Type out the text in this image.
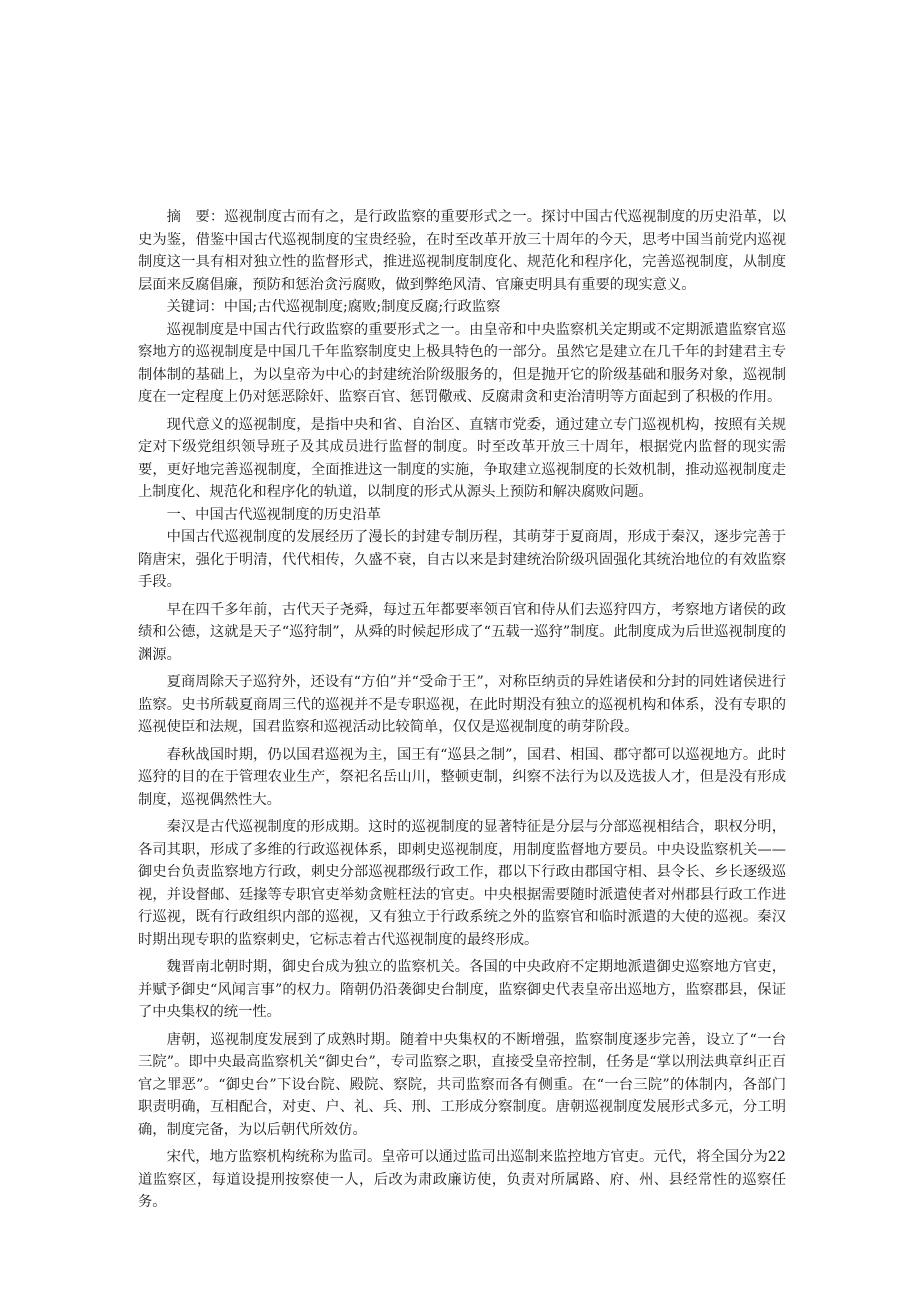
摘　要：巡视制度古而有之，是行政监察的重要形式之一。探讨中国古代巡视制度的历史沿革，以史为鉴，借鉴中国古代巡视制度的宝贵经验，在时至改革开放三十周年的今天，思考中国当前党内巡视制度这一具有相对独立性的监督形式，推进巡视制度制度化、规范化和程序化，完善巡视制度，从制度层面来反腐倡廉，预防和惩治贪污腐败，做到弊绝风清、官廉吏明具有重要的现实意义。

关键词：中国;古代巡视制度;腐败;制度反腐;行政监察

巡视制度是中国古代行政监察的重要形式之一。由皇帝和中央监察机关定期或不定期派遣监察官巡察地方的巡视制度是中国几千年监察制度史上极具特色的一部分。虽然它是建立在几千年的封建君主专制体制的基础上，为以皇帝为中心的封建统治阶级服务的，但是抛开它的阶级基础和服务对象，巡视制度在一定程度上仍对惩恶除奸、监察百官、惩罚儆戒、反腐肃贪和吏治清明等方面起到了积极的作用。

现代意义的巡视制度，是指中央和省、自治区、直辖市党委，通过建立专门巡视机构，按照有关规定对下级党组织领导班子及其成员进行监督的制度。时至改革开放三十周年，根据党内监督的现实需要，更好地完善巡视制度，全面推进这一制度的实施，争取建立巡视制度的长效机制，推动巡视制度走上制度化、规范化和程序化的轨道，以制度的形式从源头上预防和解决腐败问题。

一、中国古代巡视制度的历史沿革

中国古代巡视制度的发展经历了漫长的封建专制历程，其萌芽于夏商周，形成于秦汉，逐步完善于隋唐宋，强化于明清，代代相传，久盛不衰，自古以来是封建统治阶级巩固强化其统治地位的有效监察手段。

早在四千多年前，古代天子尧舜，每过五年都要率领百官和侍从们去巡狩四方，考察地方诸侯的政绩和公德，这就是天子“巡狩制”，从舜的时候起形成了“五载一巡狩”制度。此制度成为后世巡视制度的渊源。

夏商周除天子巡狩外，还设有“方伯”并“受命于王”，对称臣纳贡的异姓诸侯和分封的同姓诸侯进行监察。史书所载夏商周三代的巡视并不是专职巡视，在此时期没有独立的巡视机构和体系，没有专职的巡视使臣和法规，国君监察和巡视活动比较简单，仅仅是巡视制度的萌芽阶段。

春秋战国时期，仍以国君巡视为主，国王有“巡县之制”，国君、相国、郡守都可以巡视地方。此时巡狩的目的在于管理农业生产，祭祀名岳山川，整顿吏制，纠察不法行为以及选拔人才，但是没有形成制度，巡视偶然性大。

秦汉是古代巡视制度的形成期。这时的巡视制度的显著特征是分层与分部巡视相结合，职权分明，各司其职，形成了多维的行政巡视体系，即刺史巡视制度，用制度监督地方要员。中央设监察机关——御史台负责监察地方行政，刺史分部巡视郡级行政工作，郡以下行政由郡国守相、县令长、乡长逐级巡视，并设督邮、廷掾等专职官吏举劾贪赃枉法的官吏。中央根据需要随时派遣使者对州郡县行政工作进行巡视，既有行政组织内部的巡视，又有独立于行政系统之外的监察官和临时派遣的大使的巡视。秦汉时期出现专职的监察刺史，它标志着古代巡视制度的最终形成。

魏晋南北朝时期，御史台成为独立的监察机关。各国的中央政府不定期地派遣御史巡察地方官吏，并赋予御史“风闻言事”的权力。隋朝仍沿袭御史台制度，监察御史代表皇帝出巡地方，监察郡县，保证了中央集权的统一性。

唐朝，巡视制度发展到了成熟时期。随着中央集权的不断增强，监察制度逐步完善，设立了“一台三院”。即中央最高监察机关“御史台”，专司监察之职，直接受皇帝控制，任务是“掌以刑法典章纠正百官之罪恶”。“御史台”下设台院、殿院、察院，共司监察而各有侧重。在“一台三院”的体制内，各部门职责明确，互相配合，对吏、户、礼、兵、刑、工形成分察制度。唐朝巡视制度发展形式多元，分工明确，制度完备，为以后朝代所效仿。

宋代，地方监察机构统称为监司。皇帝可以通过监司出巡制来监控地方官吏。元代，将全国分为22道监察区，每道设提刑按察使一人，后改为肃政廉访使，负责对所属路、府、州、县经常性的巡察任务。
